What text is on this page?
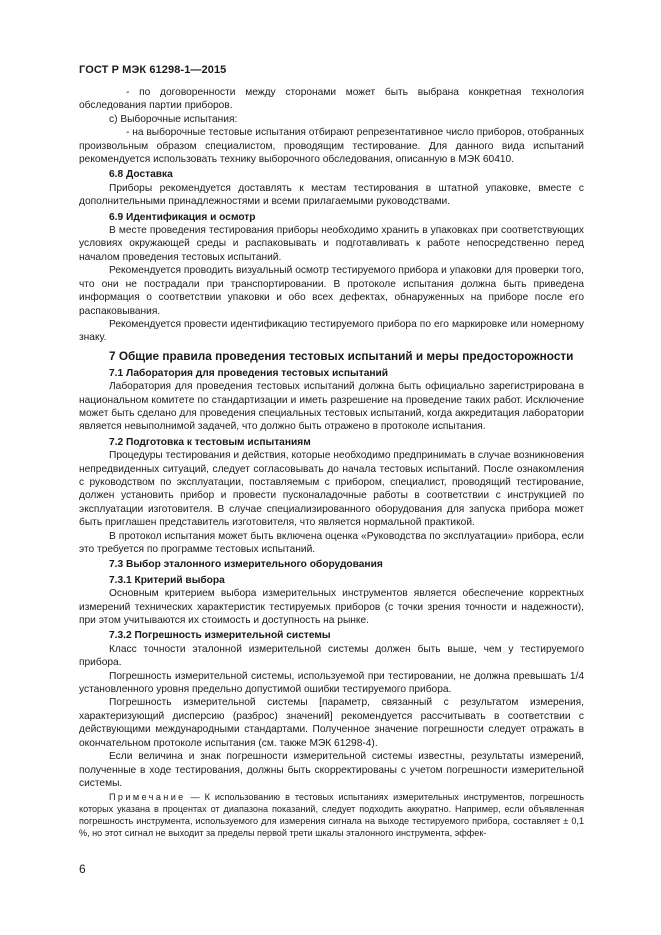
ГОСТ Р МЭК 61298-1—2015

- по договоренности между сторонами может быть выбрана конкретная технология обследования партии приборов.

c) Выборочные испытания:

- на выборочные тестовые испытания отбирают репрезентативное число приборов, отобранных произвольным образом специалистом, проводящим тестирование. Для данного вида испытаний рекомендуется использовать технику выборочного обследования, описанную в МЭК 60410.

6.8 Доставка

Приборы рекомендуется доставлять к местам тестирования в штатной упаковке, вместе с дополнительными принадлежностями и всеми прилагаемыми руководствами.

6.9 Идентификация и осмотр

В месте проведения тестирования приборы необходимо хранить в упаковках при соответствующих условиях окружающей среды и распаковывать и подготавливать к работе непосредственно перед началом проведения тестовых испытаний.

Рекомендуется проводить визуальный осмотр тестируемого прибора и упаковки для проверки того, что они не пострадали при транспортировании. В протоколе испытания должна быть приведена информация о соответствии упаковки и обо всех дефектах, обнаруженных на приборе после его распаковывания.

Рекомендуется провести идентификацию тестируемого прибора по его маркировке или номерному знаку.

7 Общие правила проведения тестовых испытаний и меры предосторожности

7.1 Лаборатория для проведения тестовых испытаний

Лаборатория для проведения тестовых испытаний должна быть официально зарегистрирована в национальном комитете по стандартизации и иметь разрешение на проведение таких работ. Исключение может быть сделано для проведения специальных тестовых испытаний, когда аккредитация лаборатории является невыполнимой задачей, что должно быть отражено в протоколе испытания.

7.2 Подготовка к тестовым испытаниям

Процедуры тестирования и действия, которые необходимо предпринимать в случае возникновения непредвиденных ситуаций, следует согласовывать до начала тестовых испытаний. После ознакомления с руководством по эксплуатации, поставляемым с прибором, специалист, проводящий тестирование, должен установить прибор и провести пусконаладочные работы в соответствии с инструкцией по эксплуатации изготовителя. В случае специализированного оборудования для запуска прибора может быть приглашен представитель изготовителя, что является нормальной практикой.

В протокол испытания может быть включена оценка «Руководства по эксплуатации» прибора, если это требуется по программе тестовых испытаний.

7.3 Выбор эталонного измерительного оборудования

7.3.1 Критерий выбора

Основным критерием выбора измерительных инструментов является обеспечение корректных измерений технических характеристик тестируемых приборов (с точки зрения точности и надежности), при этом учитываются их стоимость и доступность на рынке.

7.3.2 Погрешность измерительной системы

Класс точности эталонной измерительной системы должен быть выше, чем у тестируемого прибора.

Погрешность измерительной системы, используемой при тестировании, не должна превышать 1/4 установленного уровня предельно допустимой ошибки тестируемого прибора.

Погрешность измерительной системы [параметр, связанный с результатом измерения, характеризующий дисперсию (разброс) значений] рекомендуется рассчитывать в соответствии с действующими международными стандартами. Полученное значение погрешности следует отражать в окончательном протоколе испытания (см. также МЭК 61298-4).

Если величина и знак погрешности измерительной системы известны, результаты измерений, полученные в ходе тестирования, должны быть скорректированы с учетом погрешности измерительной системы.

Примечание — К использованию в тестовых испытаниях измерительных инструментов, погрешность которых указана в процентах от диапазона показаний, следует подходить аккуратно. Например, если объявленная погрешность инструмента, используемого для измерения сигнала на выходе тестируемого прибора, составляет ± 0,1 %, но этот сигнал не выходит за пределы первой трети шкалы эталонного инструмента, эффек-

6
